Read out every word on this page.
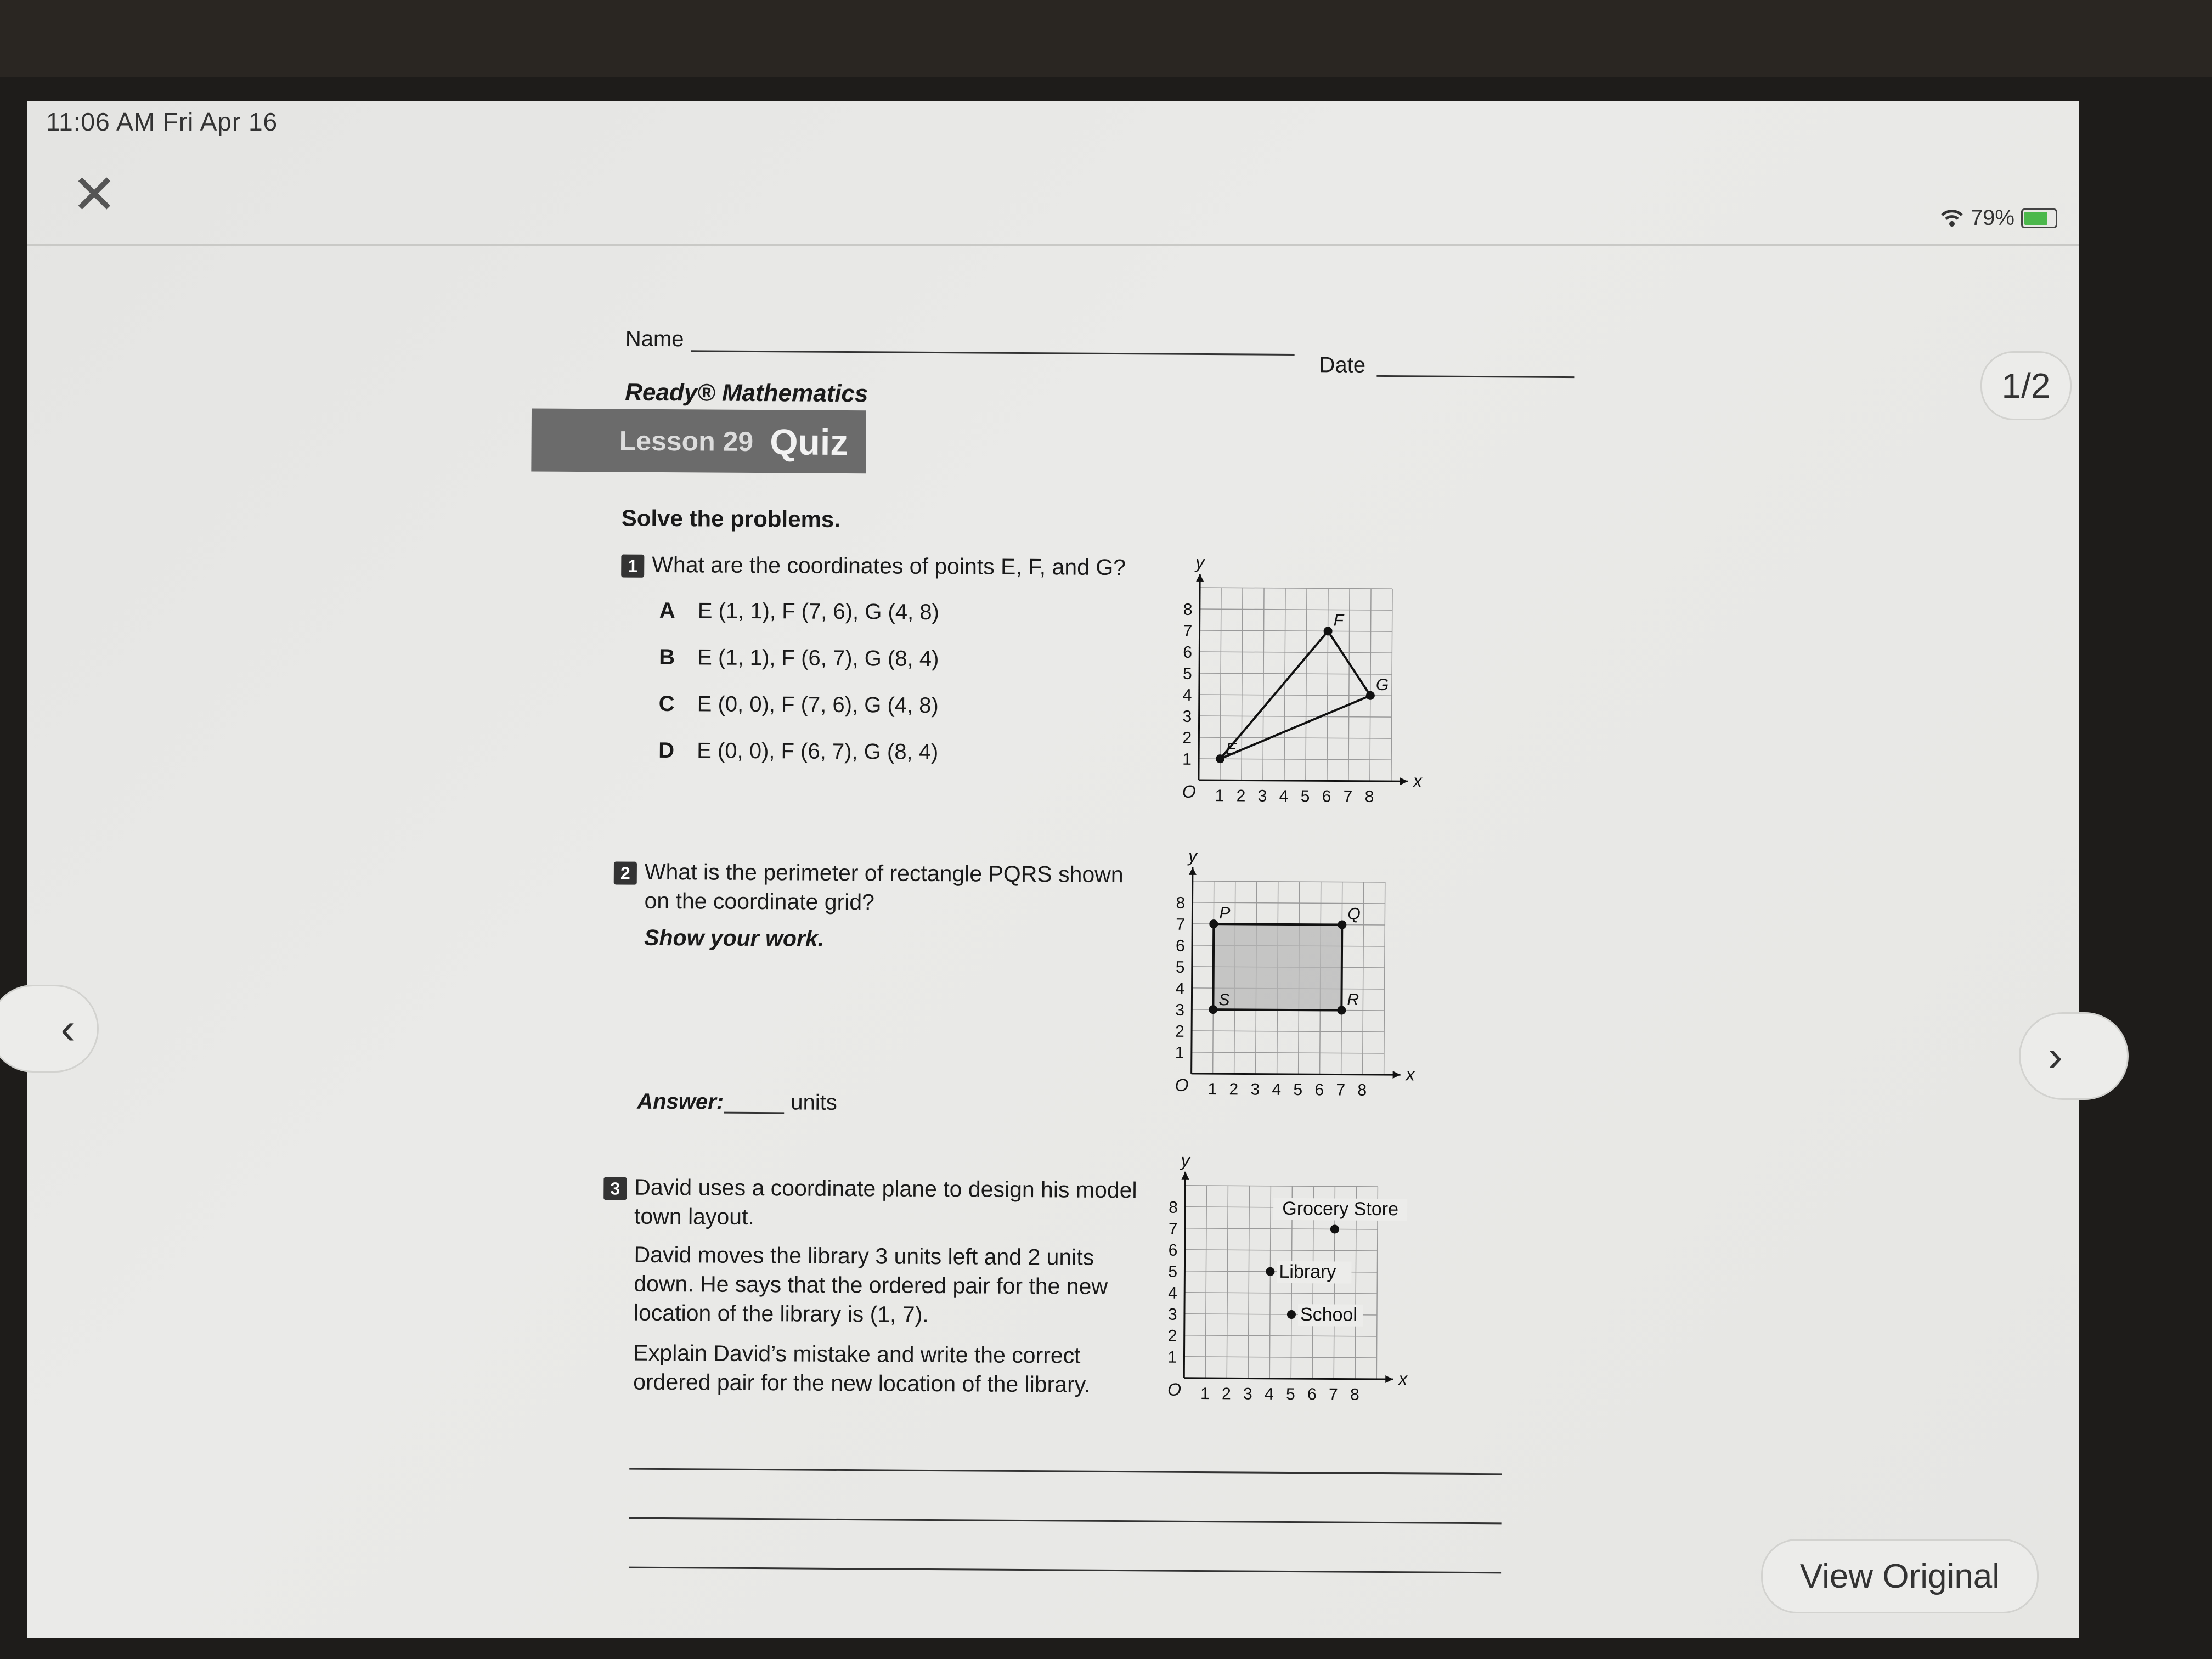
11:06 AM Fri Apr 16
79%
✕
Name
Date
Ready® Mathematics
Lesson 29 Quiz
Solve the problems.
1 What are the coordinates of points E, F, and G?
A E (1, 1), F (7, 6), G (4, 8)
B E (1, 1), F (6, 7), G (8, 4)
C E (0, 0), F (7, 6), G (4, 8)
D E (0, 0), F (6, 7), G (8, 4)
x
y
O 1
1
2
2
3
3
4
4
5
5
6
6
7
7
8
8
E
F
G
2 What is the perimeter of rectangle PQRS shown
on the coordinate grid?
Show your work.
Answer:	units
x
y
O 1
1
2
2
3
3
4
4
5
5
6
6
7
7
8
8
P	Q
R
S
3 David uses a coordinate plane to design his model
town layout.
David moves the library 3 units left and 2 units
down. He says that the ordered pair for the new
location of the library is (1, 7).
Explain David’s mistake and write the correct
ordered pair for the new location of the library.	x
y
O 1
1
2
2
3
3
4
4
5
5
6
6
7
7
8
8	Grocery Store
Library
School
1/2
‹
›
View Original
